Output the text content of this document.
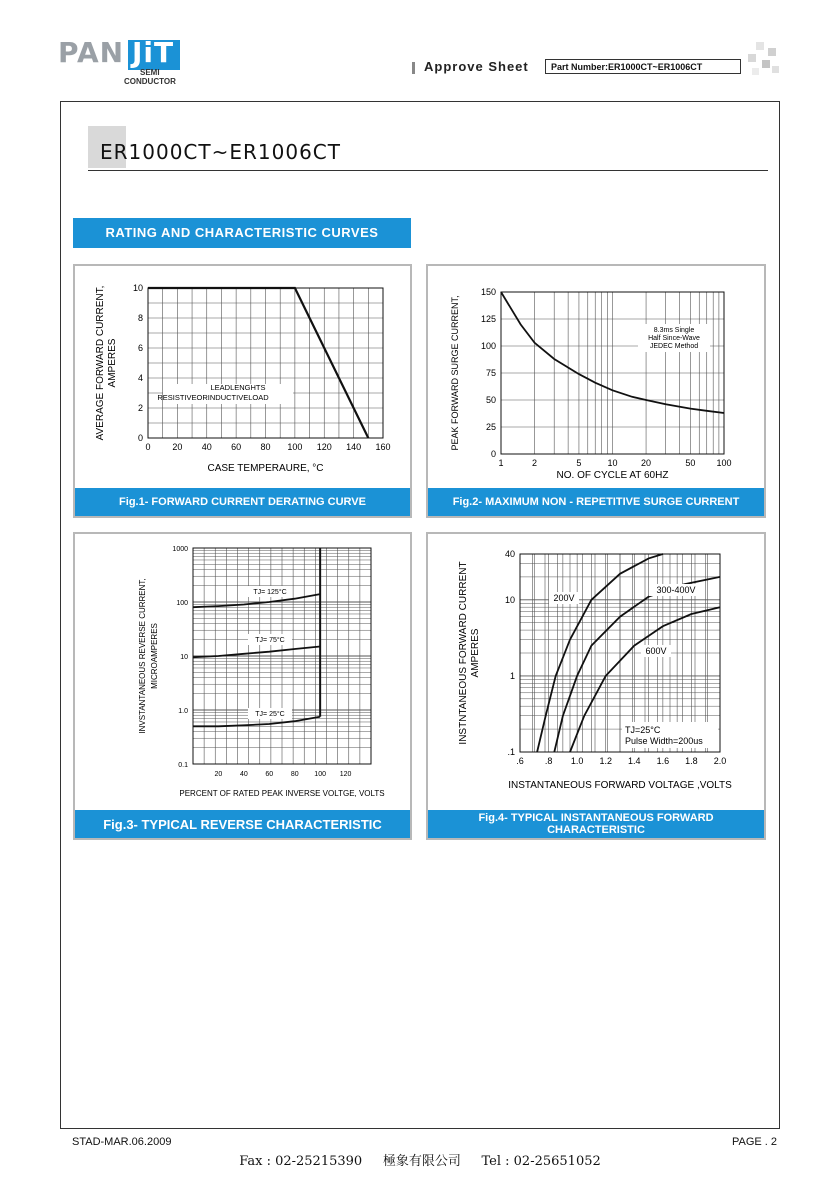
PAN JiT
SEMI
CONDUCTOR
Approve Sheet	Part Number:ER1000CT~ER1006CT
ER1000CT~ER1006CT
RATING AND CHARACTERISTIC CURVES
0 20 40 60 80 100 120 140 160
0
2
4
6
8
10
CASE TEMPERAURE, °C
AVERAGE FORWARD CURRENT, AMPERES
LEADLENGHTS
RESISTIVEORINDUCTIVELOAD
Fig.1- FORWARD CURRENT DERATING CURVE
1	2	5	10	20	50 100
0
25
50
75
100
125
150
NO. OF CYCLE AT 60HZ
PEAK FORWARD SURGE CURRENT,	8.3ms Single
Half Since-Wave
JEDEC Method
Fig.2- MAXIMUM NON - REPETITIVE SURGE CURRENT
20	40	60	80 100 120
0.1
1.0
10
100
1000
PERCENT OF RATED PEAK INVERSE VOLTGE, VOLTS
INVSTANTANEOUS REVERSE CURRENT, MICROAMPERES
TJ= 125°C
TJ= 75°C
TJ= 25°C
Fig.3- TYPICAL REVERSE CHARACTERISTIC
.6 .8 1.0 1.2 1.4 1.6 1.8 2.0
.1
1
10
40
INSTANTANEOUS FORWARD VOLTAGE ,VOLTS
INSTNTANEOUS FORWARD CURRENT AMPERES
200V
300-400V
600V
TJ=25°C
Pulse Width=200us
Fig.4- TYPICAL INSTANTANEOUS FORWARD CHARACTERISTIC
STAD-MAR.06.2009	PAGE . 2
Fax : 02-25215390     極象有限公司     Tel : 02-25651052
